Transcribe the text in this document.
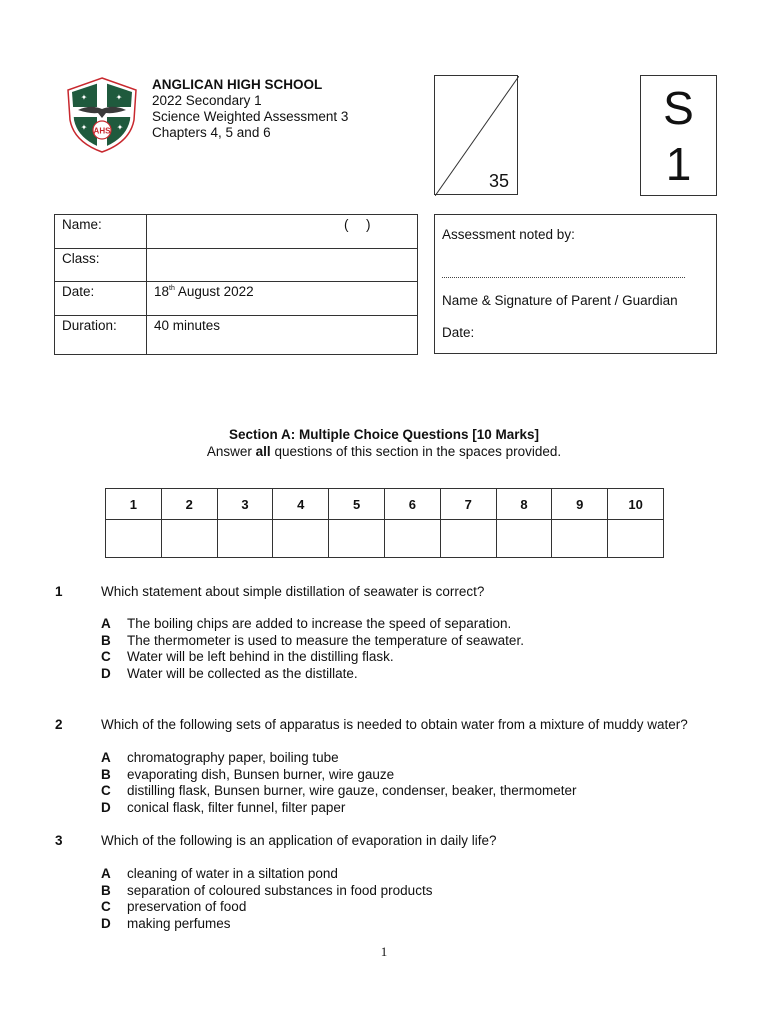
AHS
✦	✦
✦	✦
ANGLICAN HIGH SCHOOL
2022 Secondary 1
Science Weighted Assessment 3
Chapters 4, 5 and 6
35
S
1
Name:	( )

Class:	
Date:	18th August 2022
Duration:	40 minutes
Assessment noted by:
Name & Signature of Parent / Guardian
Date:
Section A: Multiple Choice Questions [10 Marks]
Answer all questions of this section in the spaces provided.
1	2	3	4	5	6	7	8	9	10

1	Which statement about simple distillation of seawater is correct?
A The boiling chips are added to increase the speed of separation.
B The thermometer is used to measure the temperature of seawater.
C Water will be left behind in the distilling flask.
D Water will be collected as the distillate.
2	Which of the following sets of apparatus is needed to obtain water from a mixture of muddy water?
A chromatography paper, boiling tube
B evaporating dish, Bunsen burner, wire gauze
C distilling flask, Bunsen burner, wire gauze, condenser, beaker, thermometer
D conical flask, filter funnel, filter paper
3	Which of the following is an application of evaporation in daily life?
A cleaning of water in a siltation pond
B separation of coloured substances in food products
C preservation of food
D making perfumes
1
